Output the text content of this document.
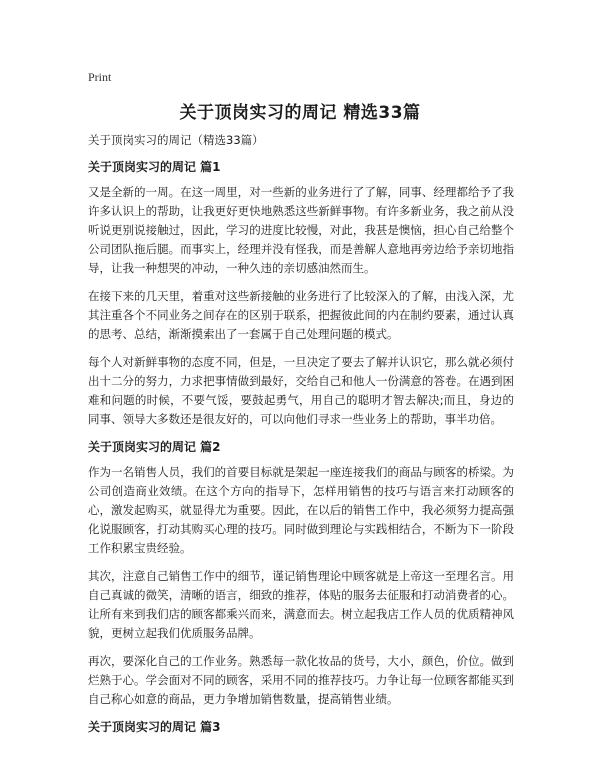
Print
关于顶岗实习的周记 精选33篇
关于顶岗实习的周记（精选33篇）
关于顶岗实习的周记 篇1

又是全新的一周。在这一周里，对一些新的业务进行了了解，同事、经理都给予了我许多认识上的帮助，让我更好更快地熟悉这些新鲜事物。有许多新业务，我之前从没听说更别说接触过，因此，学习的进度比较慢，对此，我甚是懊恼，担心自己给整个公司团队拖后腿。而事实上，经理并没有怪我，而是善解人意地再旁边给予亲切地指导，让我一种想哭的冲动，一种久违的亲切感油然而生。

在接下来的几天里，着重对这些新接触的业务进行了比较深入的了解，由浅入深，尤其注重各个不同业务之间存在的区别于联系，把握彼此间的内在制约要素，通过认真的思考、总结，渐渐摸索出了一套属于自己处理问题的模式。

每个人对新鲜事物的态度不同，但是，一旦决定了要去了解并认识它，那么就必须付出十二分的努力，力求把事情做到最好，交给自己和他人一份满意的答卷。在遇到困难和问题的时候，不要气馁，要鼓起勇气，用自己的聪明才智去解决;而且，身边的同事、领导大多数还是很友好的，可以向他们寻求一些业务上的帮助，事半功倍。

关于顶岗实习的周记 篇2

作为一名销售人员，我们的首要目标就是架起一座连接我们的商品与顾客的桥梁。为公司创造商业效绩。在这个方向的指导下，怎样用销售的技巧与语言来打动顾客的心，激发起购买，就显得尤为重要。因此，在以后的销售工作中，我必须努力提高强化说服顾客，打动其购买心理的技巧。同时做到理论与实践相结合，不断为下一阶段工作积累宝贵经验。

其次，注意自己销售工作中的细节，谨记销售理论中顾客就是上帝这一至理名言。用自己真诚的微笑，清晰的语言，细致的推荐，体贴的服务去征服和打动消费者的心。让所有来到我们店的顾客都乘兴而来，满意而去。树立起我店工作人员的优质精神风貌，更树立起我们优质服务品牌。

再次，要深化自己的工作业务。熟悉每一款化妆品的货号，大小，颜色，价位。做到烂熟于心。学会面对不同的顾客，采用不同的推荐技巧。力争让每一位顾客都能买到自己称心如意的商品，更力争增加销售数量，提高销售业绩。

关于顶岗实习的周记 篇3
